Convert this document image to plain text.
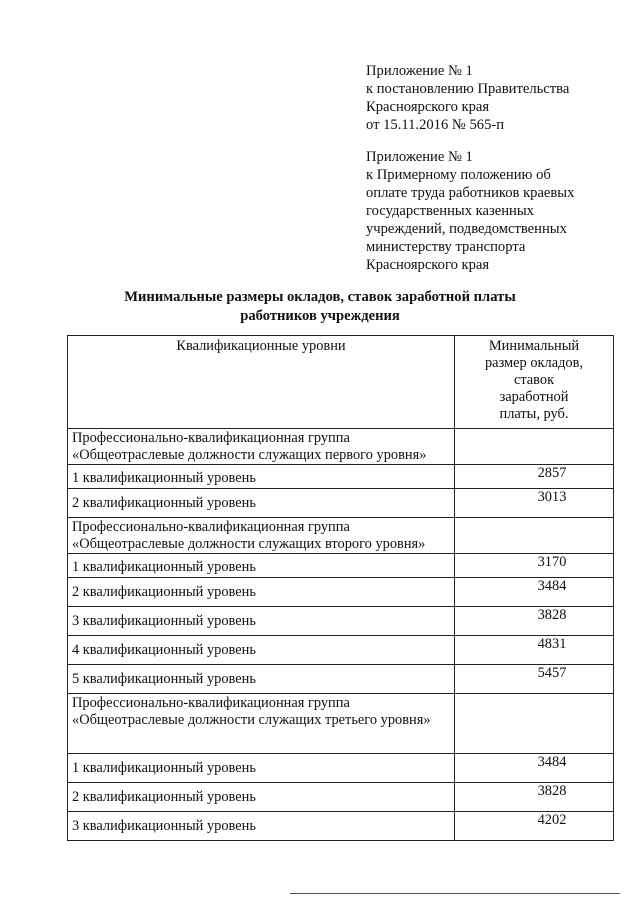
Приложение № 1
к постановлению Правительства
Красноярского края
от 15.11.2016 № 565-п
Приложение № 1
к Примерному положению об
оплате труда работников краевых
государственных казенных
учреждений, подведомственных
министерству транспорта
Красноярского края
Минимальные размеры окладов, ставок заработной платы
работников учреждения
Квалификационные уровни	Минимальный
размер окладов,
ставок
заработной
платы, руб.

Профессионально-квалификационная группа
«Общеотраслевые должности служащих первого уровня»	

1 квалификационный уровень	2857
2 квалификационный уровень	3013

Профессионально-квалификационная группа
«Общеотраслевые должности служащих второго уровня»	

1 квалификационный уровень	3170
2 квалификационный уровень	3484
3 квалификационный уровень	3828
4 квалификационный уровень	4831
5 квалификационный уровень	5457

Профессионально-квалификационная группа
«Общеотраслевые должности служащих третьего уровня»	

1 квалификационный уровень	3484
2 квалификационный уровень	3828
3 квалификационный уровень	4202
